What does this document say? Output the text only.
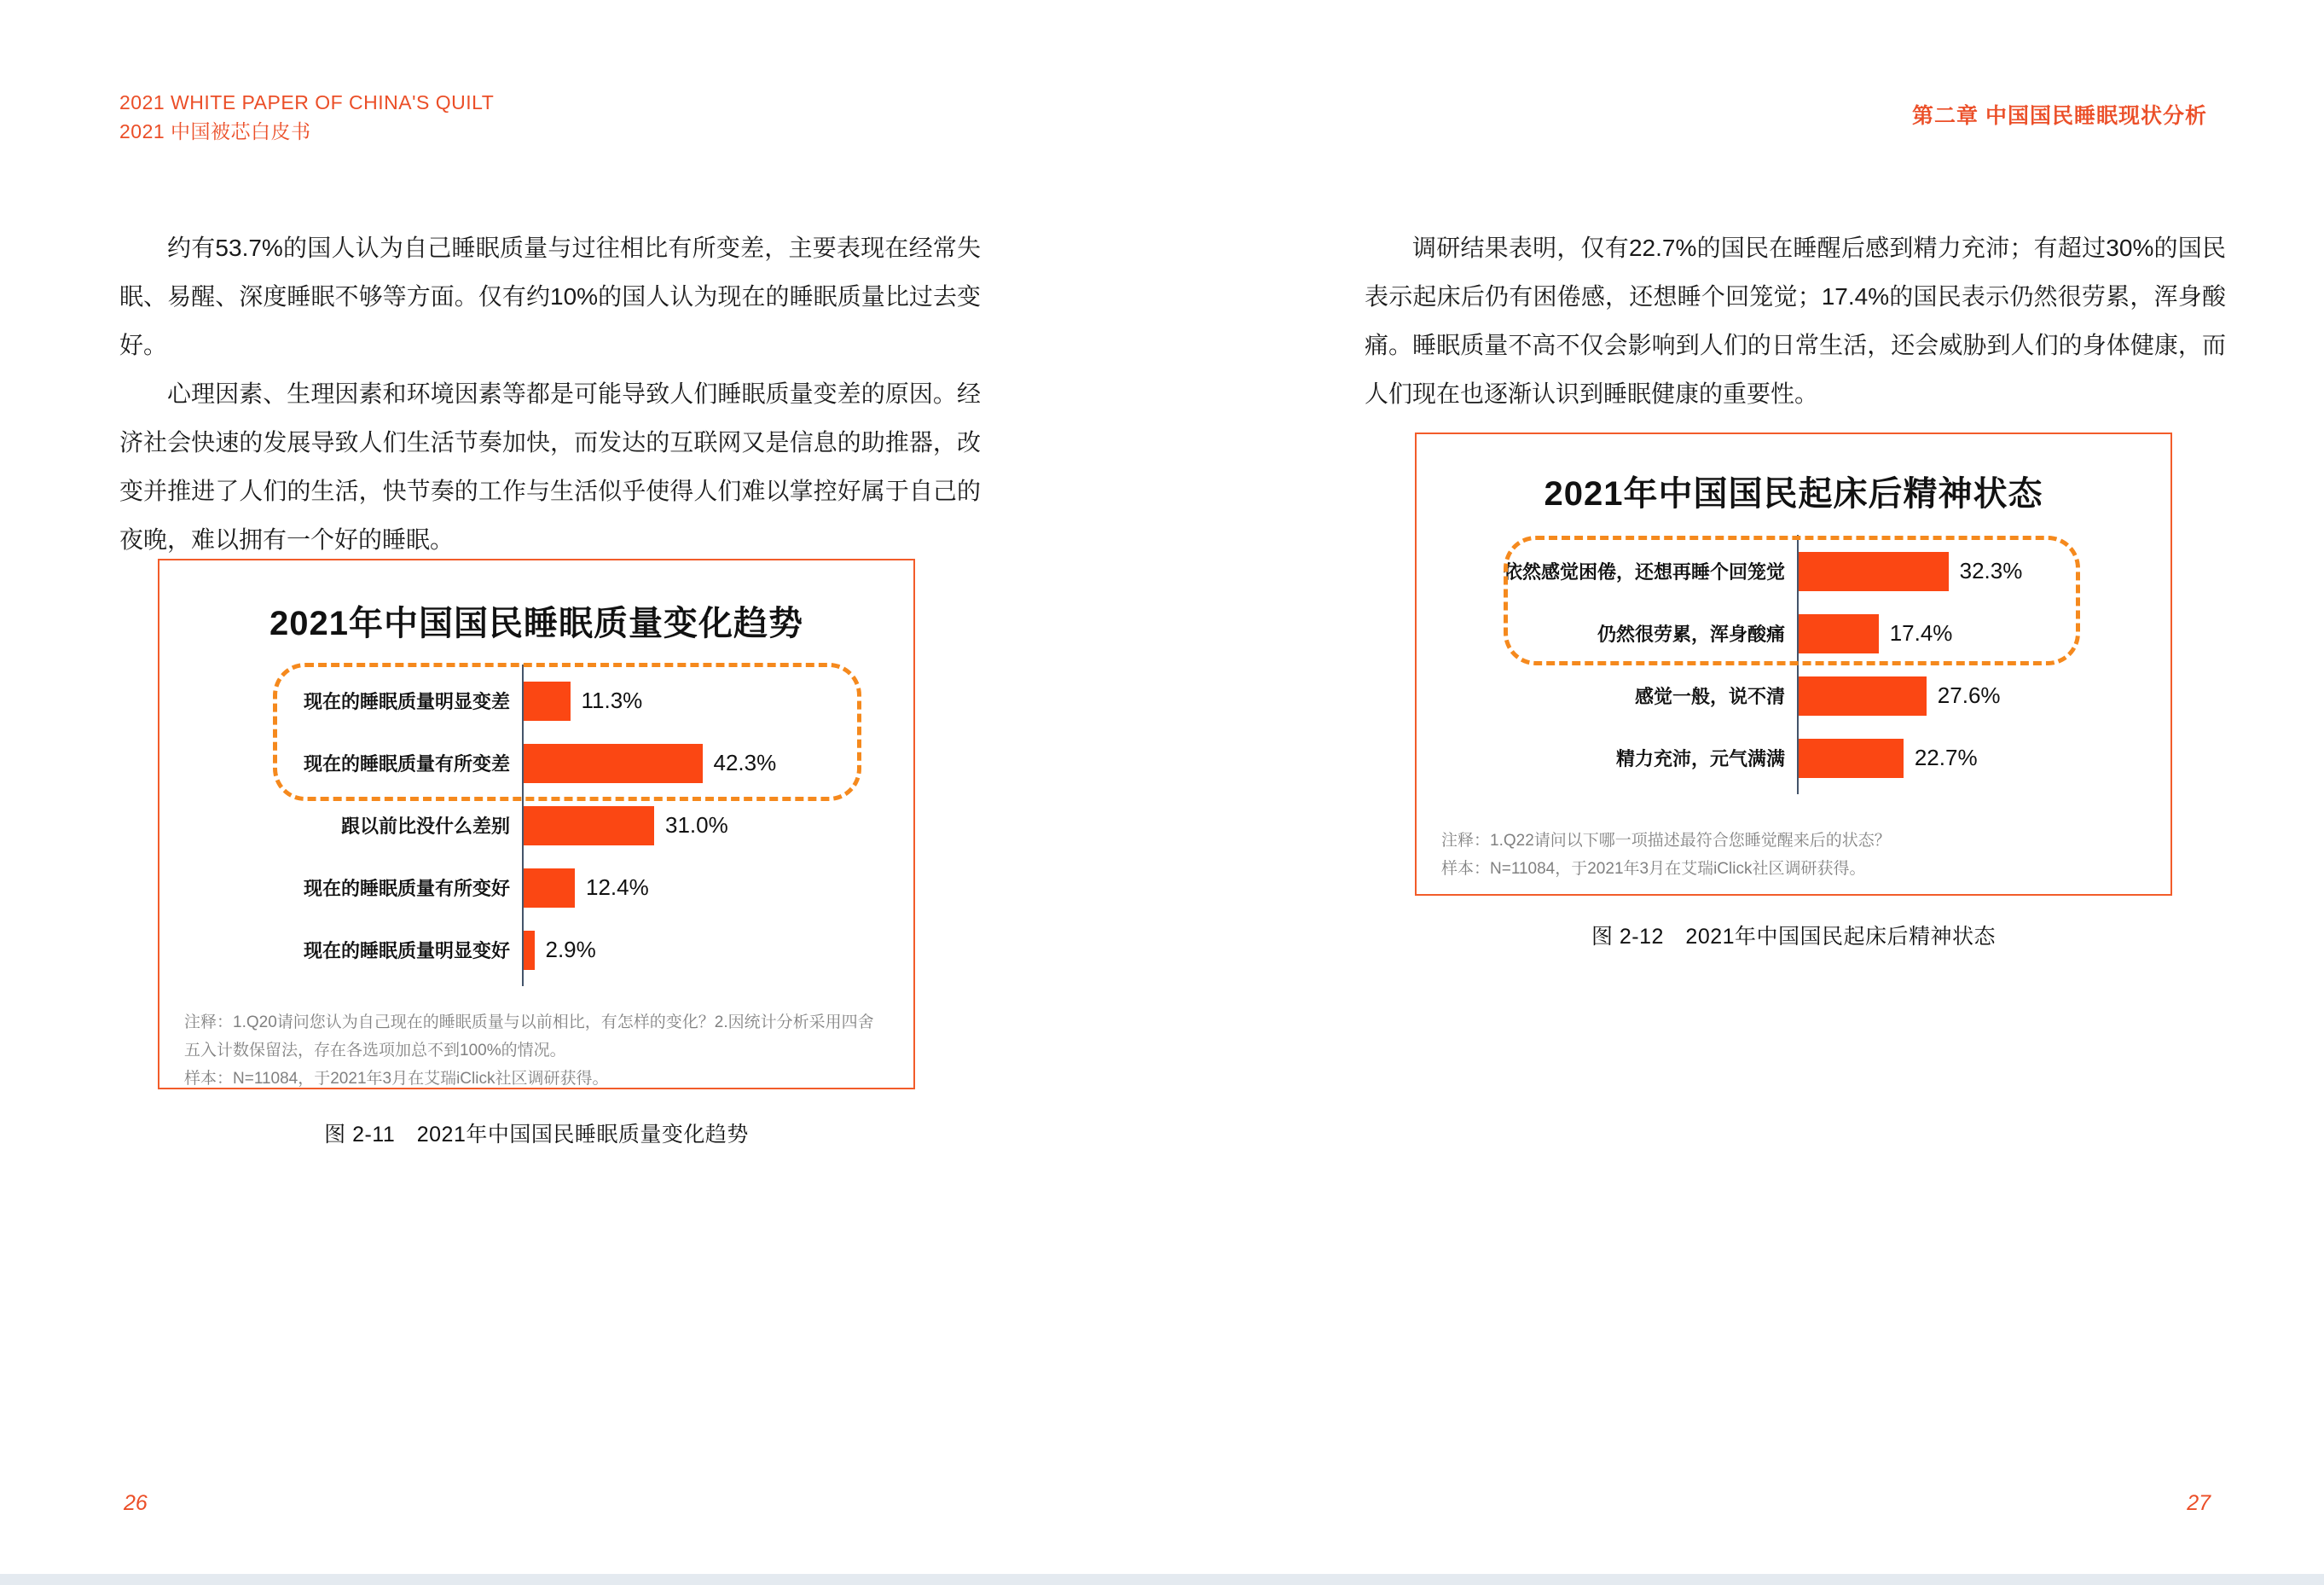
2021 WHITE PAPER OF CHINA'S QUILT
2021 中国被芯白皮书
第二章 中国国民睡眠现状分析

约有53.7%的国人认为自己睡眠质量与过往相比有所变差，主要表现在经常失眠、易醒、深度睡眠不够等方面。仅有约10%的国人认为现在的睡眠质量比过去变好。

心理因素、生理因素和环境因素等都是可能导致人们睡眠质量变差的原因。经济社会快速的发展导致人们生活节奏加快，而发达的互联网又是信息的助推器，改变并推进了人们的生活，快节奏的工作与生活似乎使得人们难以掌控好属于自己的夜晚，难以拥有一个好的睡眠。

调研结果表明，仅有22.7%的国民在睡醒后感到精力充沛；有超过30%的国民表示起床后仍有困倦感，还想睡个回笼觉；17.4%的国民表示仍然很劳累，浑身酸痛。睡眠质量不高不仅会影响到人们的日常生活，还会威胁到人们的身体健康，而人们现在也逐渐认识到睡眠健康的重要性。

2021年中国国民睡眠质量变化趋势
现在的睡眠质量明显变差	11.3%
现在的睡眠质量有所变差	42.3%
跟以前比没什么差别	31.0%
现在的睡眠质量有所变好	12.4%
现在的睡眠质量明显变好	2.9%
注释：1.Q20请问您认为自己现在的睡眠质量与以前相比，有怎样的变化？2.因统计分析采用四舍五入计数保留法，存在各选项加总不到100%的情况。
样本：N=11084，于2021年3月在艾瑞iClick社区调研获得。
图 2-11　2021年中国国民睡眠质量变化趋势
2021年中国国民起床后精神状态
依然感觉困倦，还想再睡个回笼觉	32.3%
仍然很劳累，浑身酸痛	17.4%
感觉一般，说不清	27.6%
精力充沛，元气满满	22.7%
注释：1.Q22请问以下哪一项描述最符合您睡觉醒来后的状态？
样本：N=11084，于2021年3月在艾瑞iClick社区调研获得。
图 2-12　2021年中国国民起床后精神状态
26	27
